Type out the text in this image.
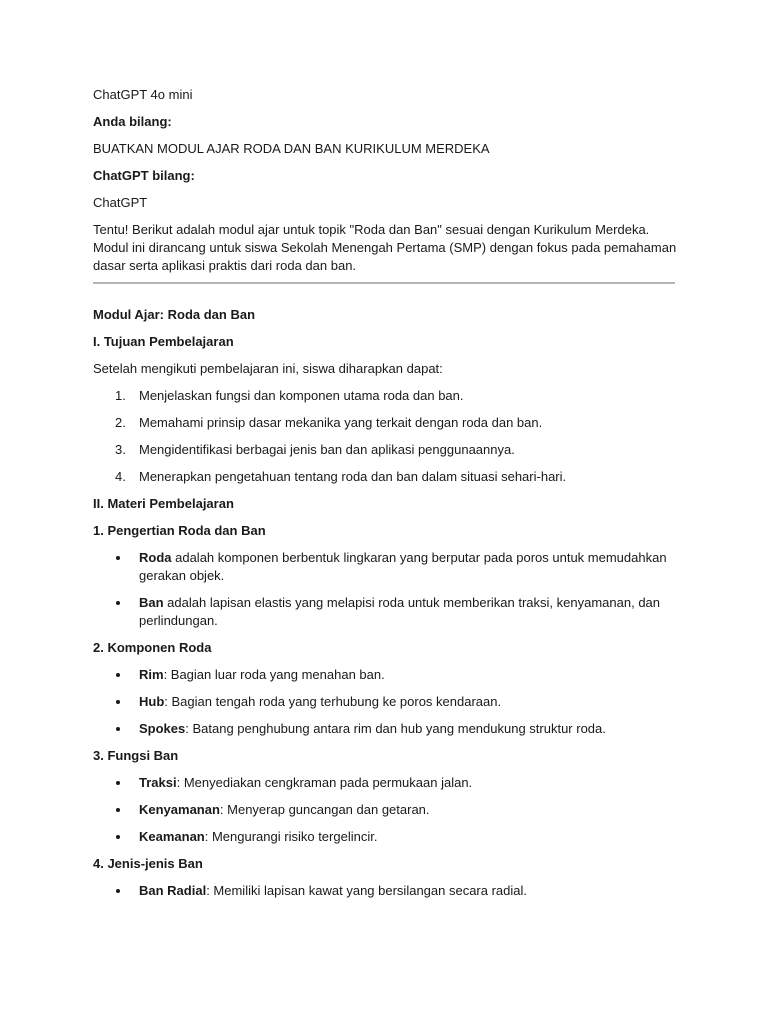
ChatGPT 4o mini

Anda bilang:

BUATKAN MODUL AJAR RODA DAN BAN KURIKULUM MERDEKA

ChatGPT bilang:

ChatGPT

Tentu! Berikut adalah modul ajar untuk topik "Roda dan Ban" sesuai dengan Kurikulum Merdeka. Modul ini dirancang untuk siswa Sekolah Menengah Pertama (SMP) dengan fokus pada pemahaman dasar serta aplikasi praktis dari roda dan ban.

Modul Ajar: Roda dan Ban

I. Tujuan Pembelajaran

Setelah mengikuti pembelajaran ini, siswa diharapkan dapat:

1. Menjelaskan fungsi dan komponen utama roda dan ban.
2. Memahami prinsip dasar mekanika yang terkait dengan roda dan ban.
3. Mengidentifikasi berbagai jenis ban dan aplikasi penggunaannya.
4. Menerapkan pengetahuan tentang roda dan ban dalam situasi sehari-hari.

II. Materi Pembelajaran

1. Pengertian Roda dan Ban

Roda adalah komponen berbentuk lingkaran yang berputar pada poros untuk memudahkan gerakan objek.
Ban adalah lapisan elastis yang melapisi roda untuk memberikan traksi, kenyamanan, dan perlindungan.

2. Komponen Roda

Rim: Bagian luar roda yang menahan ban.
Hub: Bagian tengah roda yang terhubung ke poros kendaraan.
Spokes: Batang penghubung antara rim dan hub yang mendukung struktur roda.

3. Fungsi Ban

Traksi: Menyediakan cengkraman pada permukaan jalan.
Kenyamanan: Menyerap guncangan dan getaran.
Keamanan: Mengurangi risiko tergelincir.

4. Jenis-jenis Ban

Ban Radial: Memiliki lapisan kawat yang bersilangan secara radial.
